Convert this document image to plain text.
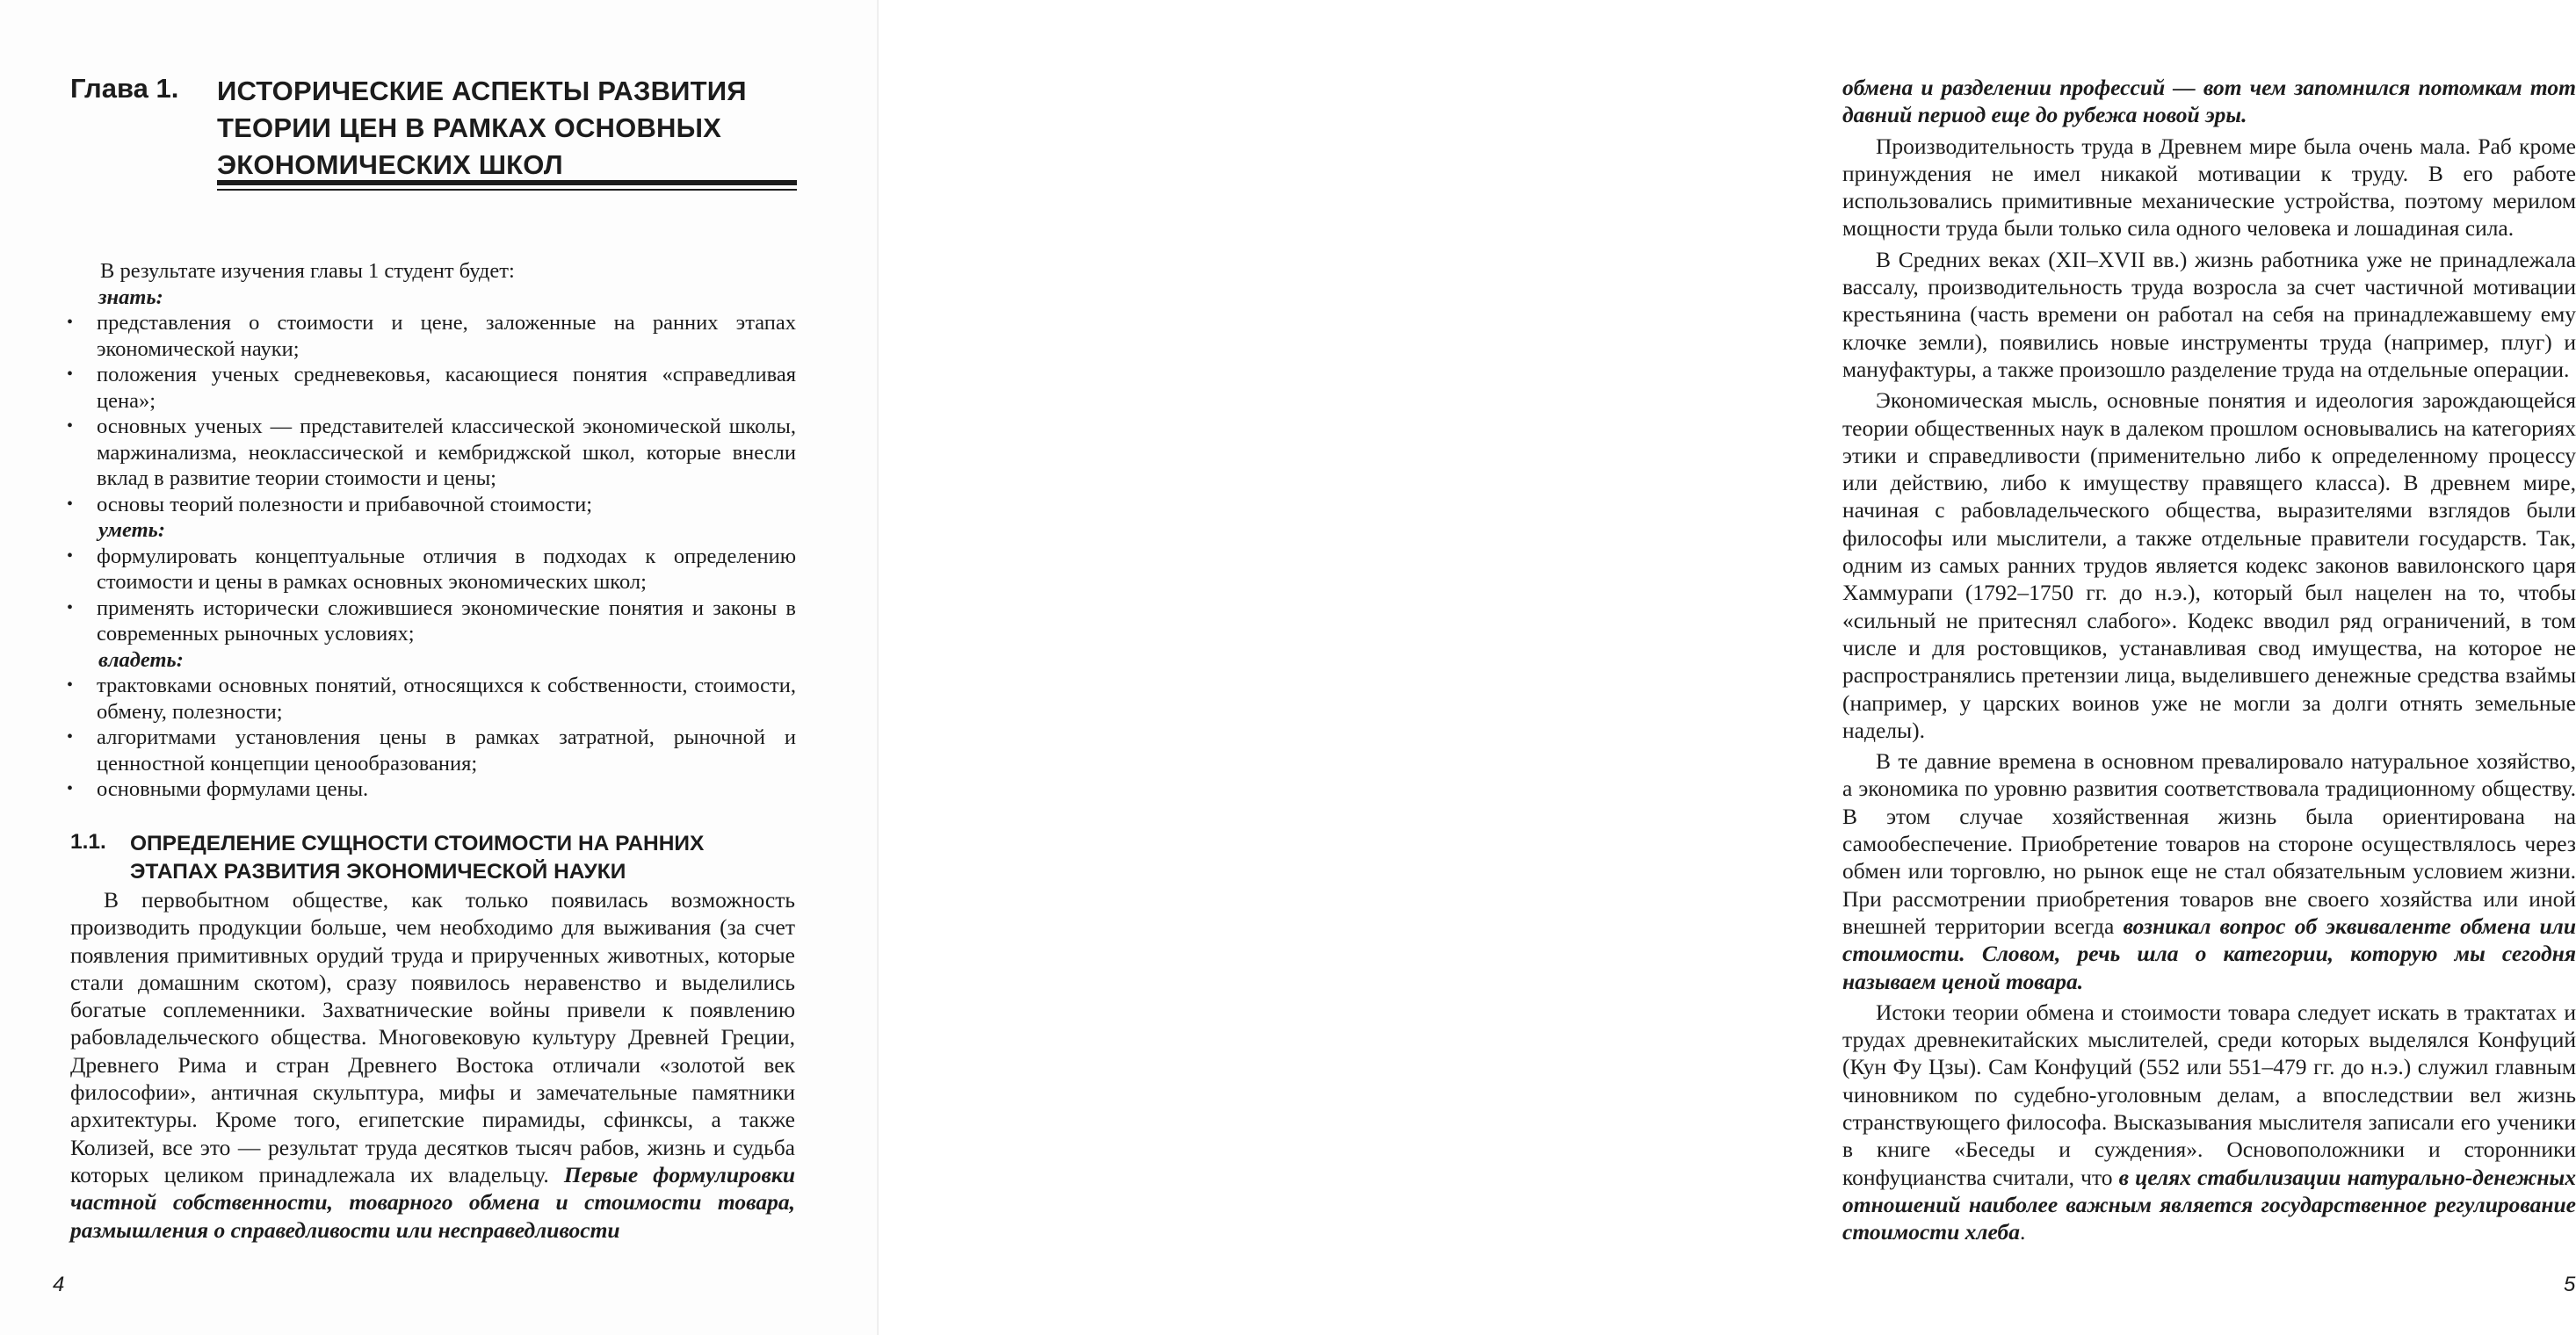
Глава 1. ИСТОРИЧЕСКИЕ АСПЕКТЫ РАЗВИТИЯ ТЕОРИИ ЦЕН В РАМКАХ ОСНОВНЫХ ЭКОНОМИЧЕСКИХ ШКОЛ

В результате изучения главы 1 студент будет:

знать:

• представления о стоимости и цене, заложенные на ранних этапах экономической науки;
• положения ученых средневековья, касающиеся понятия «справедливая цена»;
• основных ученых — представителей классической экономической школы, маржинализма, неоклассической и кембриджской школ, которые внесли вклад в развитие теории стоимости и цены;
• основы теорий полезности и прибавочной стоимости;

уметь:

• формулировать концептуальные отличия в подходах к определению стоимости и цены в рамках основных экономических школ;
• применять исторически сложившиеся экономические понятия и законы в современных рыночных условиях;

владеть:

• трактовками основных понятий, относящихся к собственности, стоимости, обмену, полезности;
• алгоритмами установления цены в рамках затратной, рыночной и ценностной концепции ценообразования;
• основными формулами цены.
1.1. ОПРЕДЕЛЕНИЕ СУЩНОСТИ СТОИМОСТИ НА РАННИХ ЭТАПАХ РАЗВИТИЯ ЭКОНОМИЧЕСКОЙ НАУКИ

В первобытном обществе, как только появилась возможность производить продукции больше, чем необходимо для выживания (за счет появления примитивных орудий труда и прирученных животных, которые стали домашним скотом), сразу появилось неравенство и выделились богатые соплеменники. Захватнические войны привели к появлению рабовладельческого общества. Многовековую культуру Древней Греции, Древнего Рима и стран Древнего Востока отличали «золотой век философии», античная скульптура, мифы и замечательные памятники архитектуры. Кроме того, египетские пирамиды, сфинксы, а также Колизей, все это — результат труда десятков тысяч рабов, жизнь и судьба которых целиком принадлежала их владельцу. Первые формулировки частной собственности, товарного обмена и стоимости товара, размышления о справедливости или несправедливости

4
обмена и разделении профессий — вот чем запомнился потомкам тот давний период еще до рубежа новой эры.
Производительность труда в Древнем мире была очень мала. Раб кроме принуждения не имел никакой мотивации к труду. В его работе использовались примитивные механические устройства, поэтому мерилом мощности труда были только сила одного человека и лошадиная сила.
В Средних веках (XII–XVII вв.) жизнь работника уже не принадлежала вассалу, производительность труда возросла за счет частичной мотивации крестьянина (часть времени он работал на себя на принадлежавшему ему клочке земли), появились новые инструменты труда (например, плуг) и мануфактуры, а также произошло разделение труда на отдельные операции.
Экономическая мысль, основные понятия и идеология зарождающейся теории общественных наук в далеком прошлом основывались на категориях этики и справедливости (применительно либо к определенному процессу или действию, либо к имуществу правящего класса). В древнем мире, начиная с рабовладельческого общества, выразителями взглядов были философы или мыслители, а также отдельные правители государств. Так, одним из самых ранних трудов является кодекс законов вавилонского царя Хаммурапи (1792–1750 гг. до н.э.), который был нацелен на то, чтобы «сильный не притеснял слабого». Кодекс вводил ряд ограничений, в том числе и для ростовщиков, устанавливая свод имущества, на которое не распространялись претензии лица, выделившего денежные средства взаймы (например, у царских воинов уже не могли за долги отнять земельные наделы).
В те давние времена в основном превалировало натуральное хозяйство, а экономика по уровню развития соответствовала традиционному обществу. В этом случае хозяйственная жизнь была ориентирована на самообеспечение. Приобретение товаров на стороне осуществлялось через обмен или торговлю, но рынок еще не стал обязательным условием жизни. При рассмотрении приобретения товаров вне своего хозяйства или иной внешней территории всегда возникал вопрос об эквиваленте обмена или стоимости. Словом, речь шла о категории, которую мы сегодня называем ценой товара.
Истоки теории обмена и стоимости товара следует искать в трактатах и трудах древнекитайских мыслителей, среди которых выделялся Конфуций (Кун Фу Цзы). Сам Конфуций (552 или 551–479 гг. до н.э.) служил главным чиновником по судебно-уголовным делам, а впоследствии вел жизнь странствующего философа. Высказывания мыслителя записали его ученики в книге «Беседы и суждения». Основоположники и сторонники конфуцианства считали, что в целях стабилизации натурально-денежных отношений наиболее важным является государственное регулирование стоимости хлеба.
5
